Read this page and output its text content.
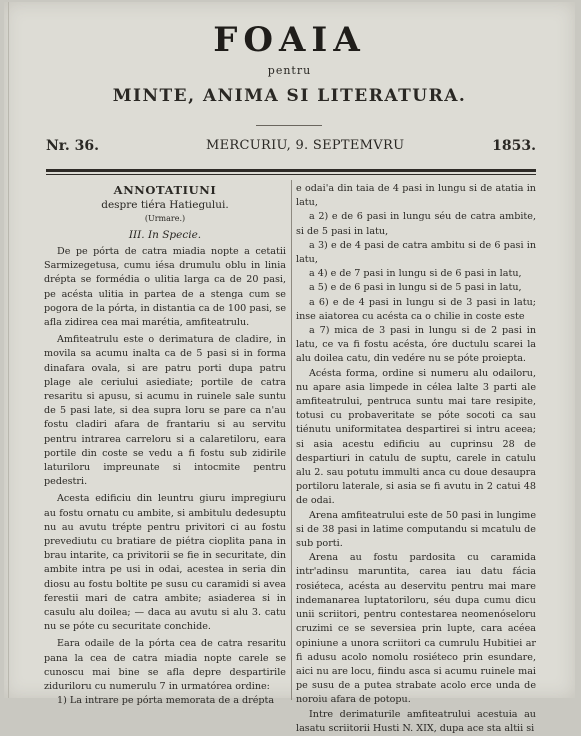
FOAIA
pentru
MINTE, ANIMA SI LITERATURA.
Nr. 36.	MERCURIU, 9. SEPTEMVRU	1853.
ANNOTATIUNI
despre tiéra Hatiegului.
(Urmare.)
III. In Specie.

De pe pórta de catra miadia nopte a cetatii Sarmizegetusa, cumu iésa drumulu oblu in linia drépta se formédia o ulitia larga ca de 20 pasi, pe acésta ulitia in partea de a stenga cum se pogora de la pórta, in distantia ca de 100 pasi, se afla zidirea cea mai marétia, amfiteatrulu.

Amfiteatrulu este o derimatura de cladire, in movila sa acumu inalta ca de 5 pasi si in forma dinafara ovala, si are patru porti dupa patru plage ale ceriului asiediate; portile de catra resaritu si apusu, si acumu in ruinele sale suntu de 5 pasi late, si dea supra loru se pare ca n'au fostu cladiri afara de frantariu si au servitu pentru intrarea carreloru si a calaretiloru, earа portile din coste se vedu a fi fostu sub zidirile laturiloru impreunate si intocmite pentru pedestri.

Acesta edificiu din leuntru giuru impregiuru au fostu ornatu cu ambite, si ambitulu dedesuptu nu au avutu trépte pentru privitori ci au fostu prevediutu cu bratiare de piétra cioplita pana in brau intarite, ca privitorii se fie in securitate, din ambite intra pe usi in odai, acestea in seria din diosu au fostu boltite pe susu cu caramidi si avea ferestii mari de catra ambite; asiaderea si in casulu alu doilea; — daca au avutu si alu 3. catu nu se póte cu securitate conchide.

Eara odaile de la pórta cea de catra resaritu pana la cea de catra miadia nopte carele se cunoscu mai bine se afla depre despartirile ziduriloru cu numerulu 7 in urmatórea ordine:

1) La intrare pe pórta memorata de a drépta

e odai'a din taia de 4 pasi in lungu si de atatia in latu,

a 2) e de 6 pasi in lungu séu de catra ambite, si de 5 pasi in latu,

a 3) e de 4 pasi de catra ambitu si de 6 pasi in latu,

a 4) e de 7 pasi in lungu si de 6 pasi in latu,

a 5) e de 6 pasi in lungu si de 5 pasi in latu,

a 6) e de 4 pasi in lungu si de 3 pasi in latu; inse aiatorea cu acésta ca o chilie in coste este

a 7) mica de 3 pasi in lungu si de 2 pasi in latu, ce va fi fostu acésta, óre ductulu scarei la alu doilea catu, din vedére nu se póte proiepta.

Acésta forma, ordine si numeru alu odailoru, nu apare asia limpede in célea lalte 3 parti ale amfiteatrului, pentruca suntu mai tare resipite, totusi cu probaveritate se póte socoti ca sau tiénutu uniformitatea despartirei si intru aceea; si asia acestu edificiu au cuprinsu 28 de despartiuri in catulu de suptu, carele in catulu alu 2. sau potutu immulti anca cu doue desaupra portiloru laterale, si asia se fi avutu in 2 catui 48 de odai.

Arena amfiteatrului este de 50 pasi in lungime si de 38 pasi in latime computandu si mcatulu de sub porti.

Arena au fostu pardosita cu caramida intr'adinsu maruntita, carea iau datu fácia rosiétеca, acésta au deservitu pentru mai mare indemanarea luptatoriloru, séu dupa cumu dicu unii scriitori, pentru contestarea neomenóseloru cruzimi ce se seversiea prin lupte, cara acéea opiniune a unora scriitori ca cumrulu Hubitiei ar fi adusu acolo nomolu rosiéteco prin esundare, aici nu are locu, fiindu asca si acumu ruinele mai pe susu de a putea strabate acolo erce unda de noroiu afara de potopu.

Intre derimaturile amfiteatrului acestuia au lasatu scriitorii Husti N. XIX, dupa ace sta altii si
